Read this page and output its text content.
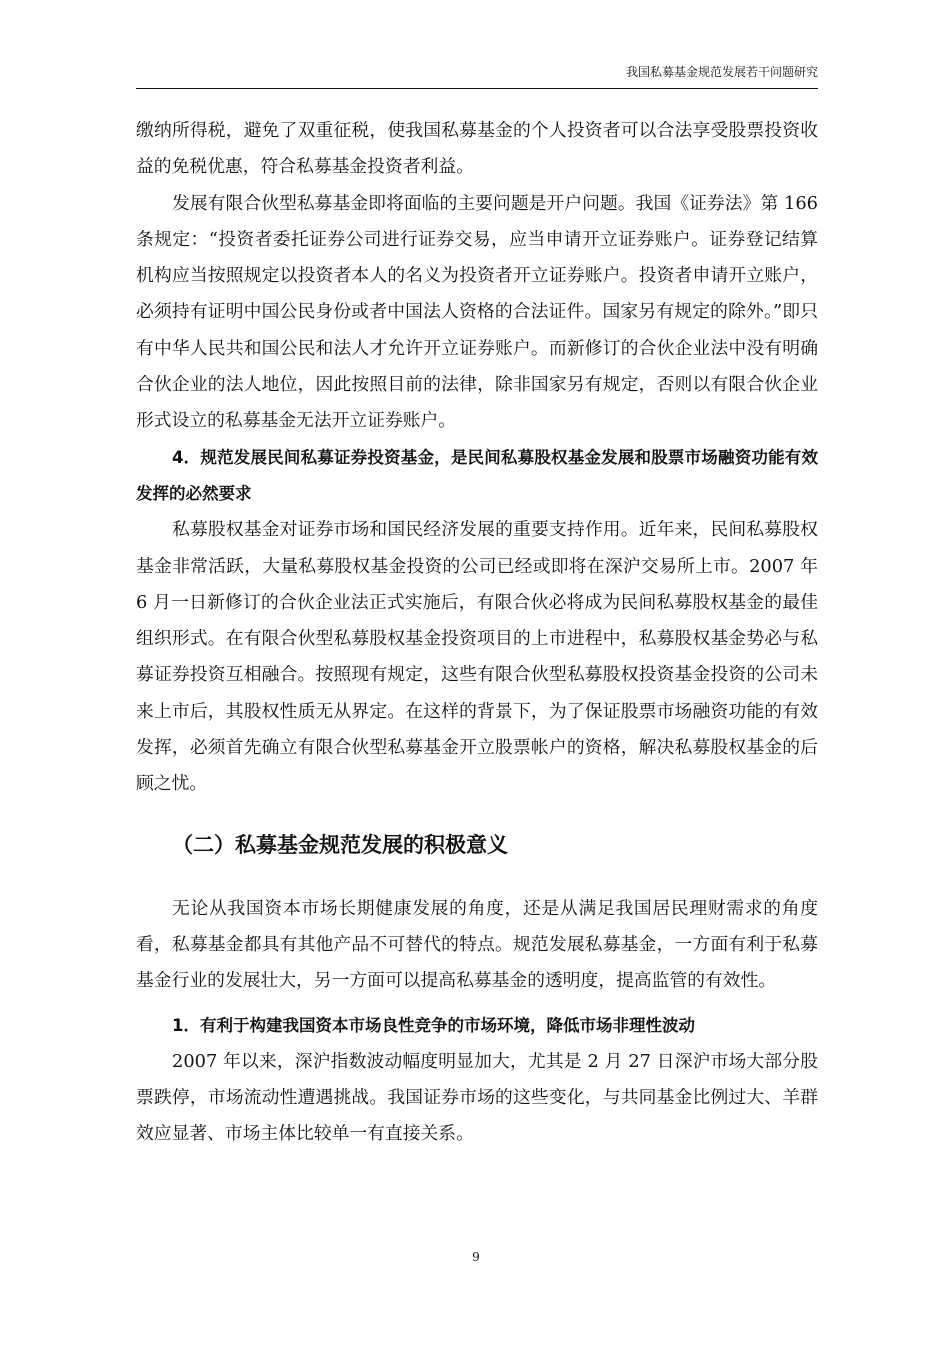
我国私募基金规范发展若干问题研究

缴纳所得税，避免了双重征税，使我国私募基金的个人投资者可以合法享受股票投资收益的免税优惠，符合私募基金投资者利益。

发展有限合伙型私募基金即将面临的主要问题是开户问题。我国《证券法》第 166 条规定：“投资者委托证券公司进行证券交易，应当申请开立证券账户。证券登记结算机构应当按照规定以投资者本人的名义为投资者开立证券账户。投资者申请开立账户，必须持有证明中国公民身份或者中国法人资格的合法证件。国家另有规定的除外。”即只有中华人民共和国公民和法人才允许开立证券账户。而新修订的合伙企业法中没有明确合伙企业的法人地位，因此按照目前的法律，除非国家另有规定，否则以有限合伙企业形式设立的私募基金无法开立证券账户。

4．规范发展民间私募证券投资基金，是民间私募股权基金发展和股票市场融资功能有效发挥的必然要求

私募股权基金对证券市场和国民经济发展的重要支持作用。近年来，民间私募股权基金非常活跃，大量私募股权基金投资的公司已经或即将在深沪交易所上市。2007 年 6 月一日新修订的合伙企业法正式实施后，有限合伙必将成为民间私募股权基金的最佳组织形式。在有限合伙型私募股权基金投资项目的上市进程中，私募股权基金势必与私募证券投资互相融合。按照现有规定，这些有限合伙型私募股权投资基金投资的公司未来上市后，其股权性质无从界定。在这样的背景下，为了保证股票市场融资功能的有效发挥，必须首先确立有限合伙型私募基金开立股票帐户的资格，解决私募股权基金的后顾之忧。

（二）私募基金规范发展的积极意义

无论从我国资本市场长期健康发展的角度，还是从满足我国居民理财需求的角度看，私募基金都具有其他产品不可替代的特点。规范发展私募基金，一方面有利于私募基金行业的发展壮大，另一方面可以提高私募基金的透明度，提高监管的有效性。

1．有利于构建我国资本市场良性竞争的市场环境，降低市场非理性波动

2007 年以来，深沪指数波动幅度明显加大，尤其是 2 月 27 日深沪市场大部分股票跌停，市场流动性遭遇挑战。我国证券市场的这些变化，与共同基金比例过大、羊群效应显著、市场主体比较单一有直接关系。

9
